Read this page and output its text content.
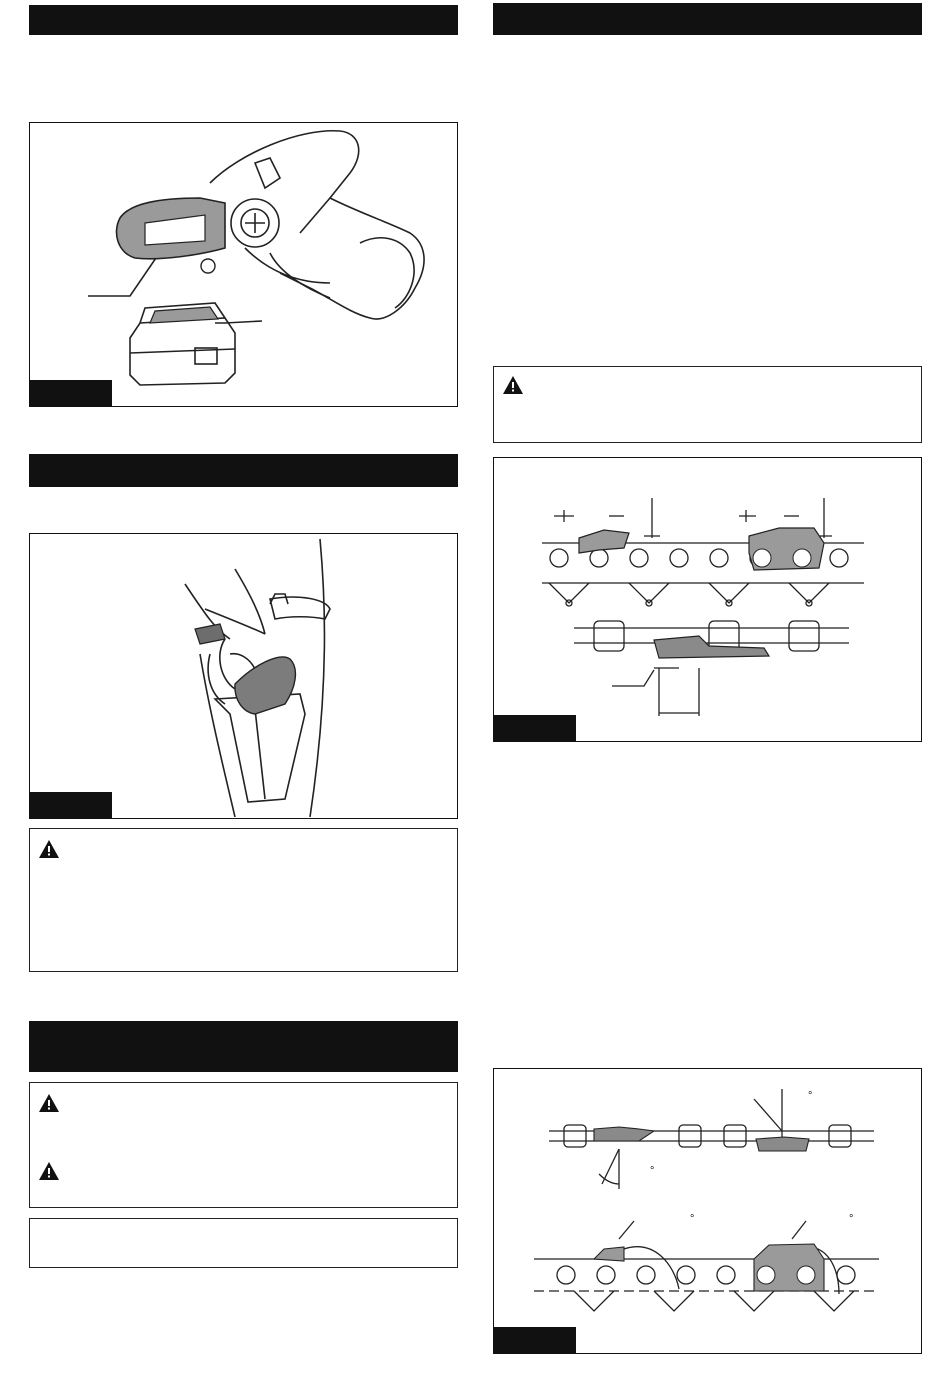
°
°
°	°
